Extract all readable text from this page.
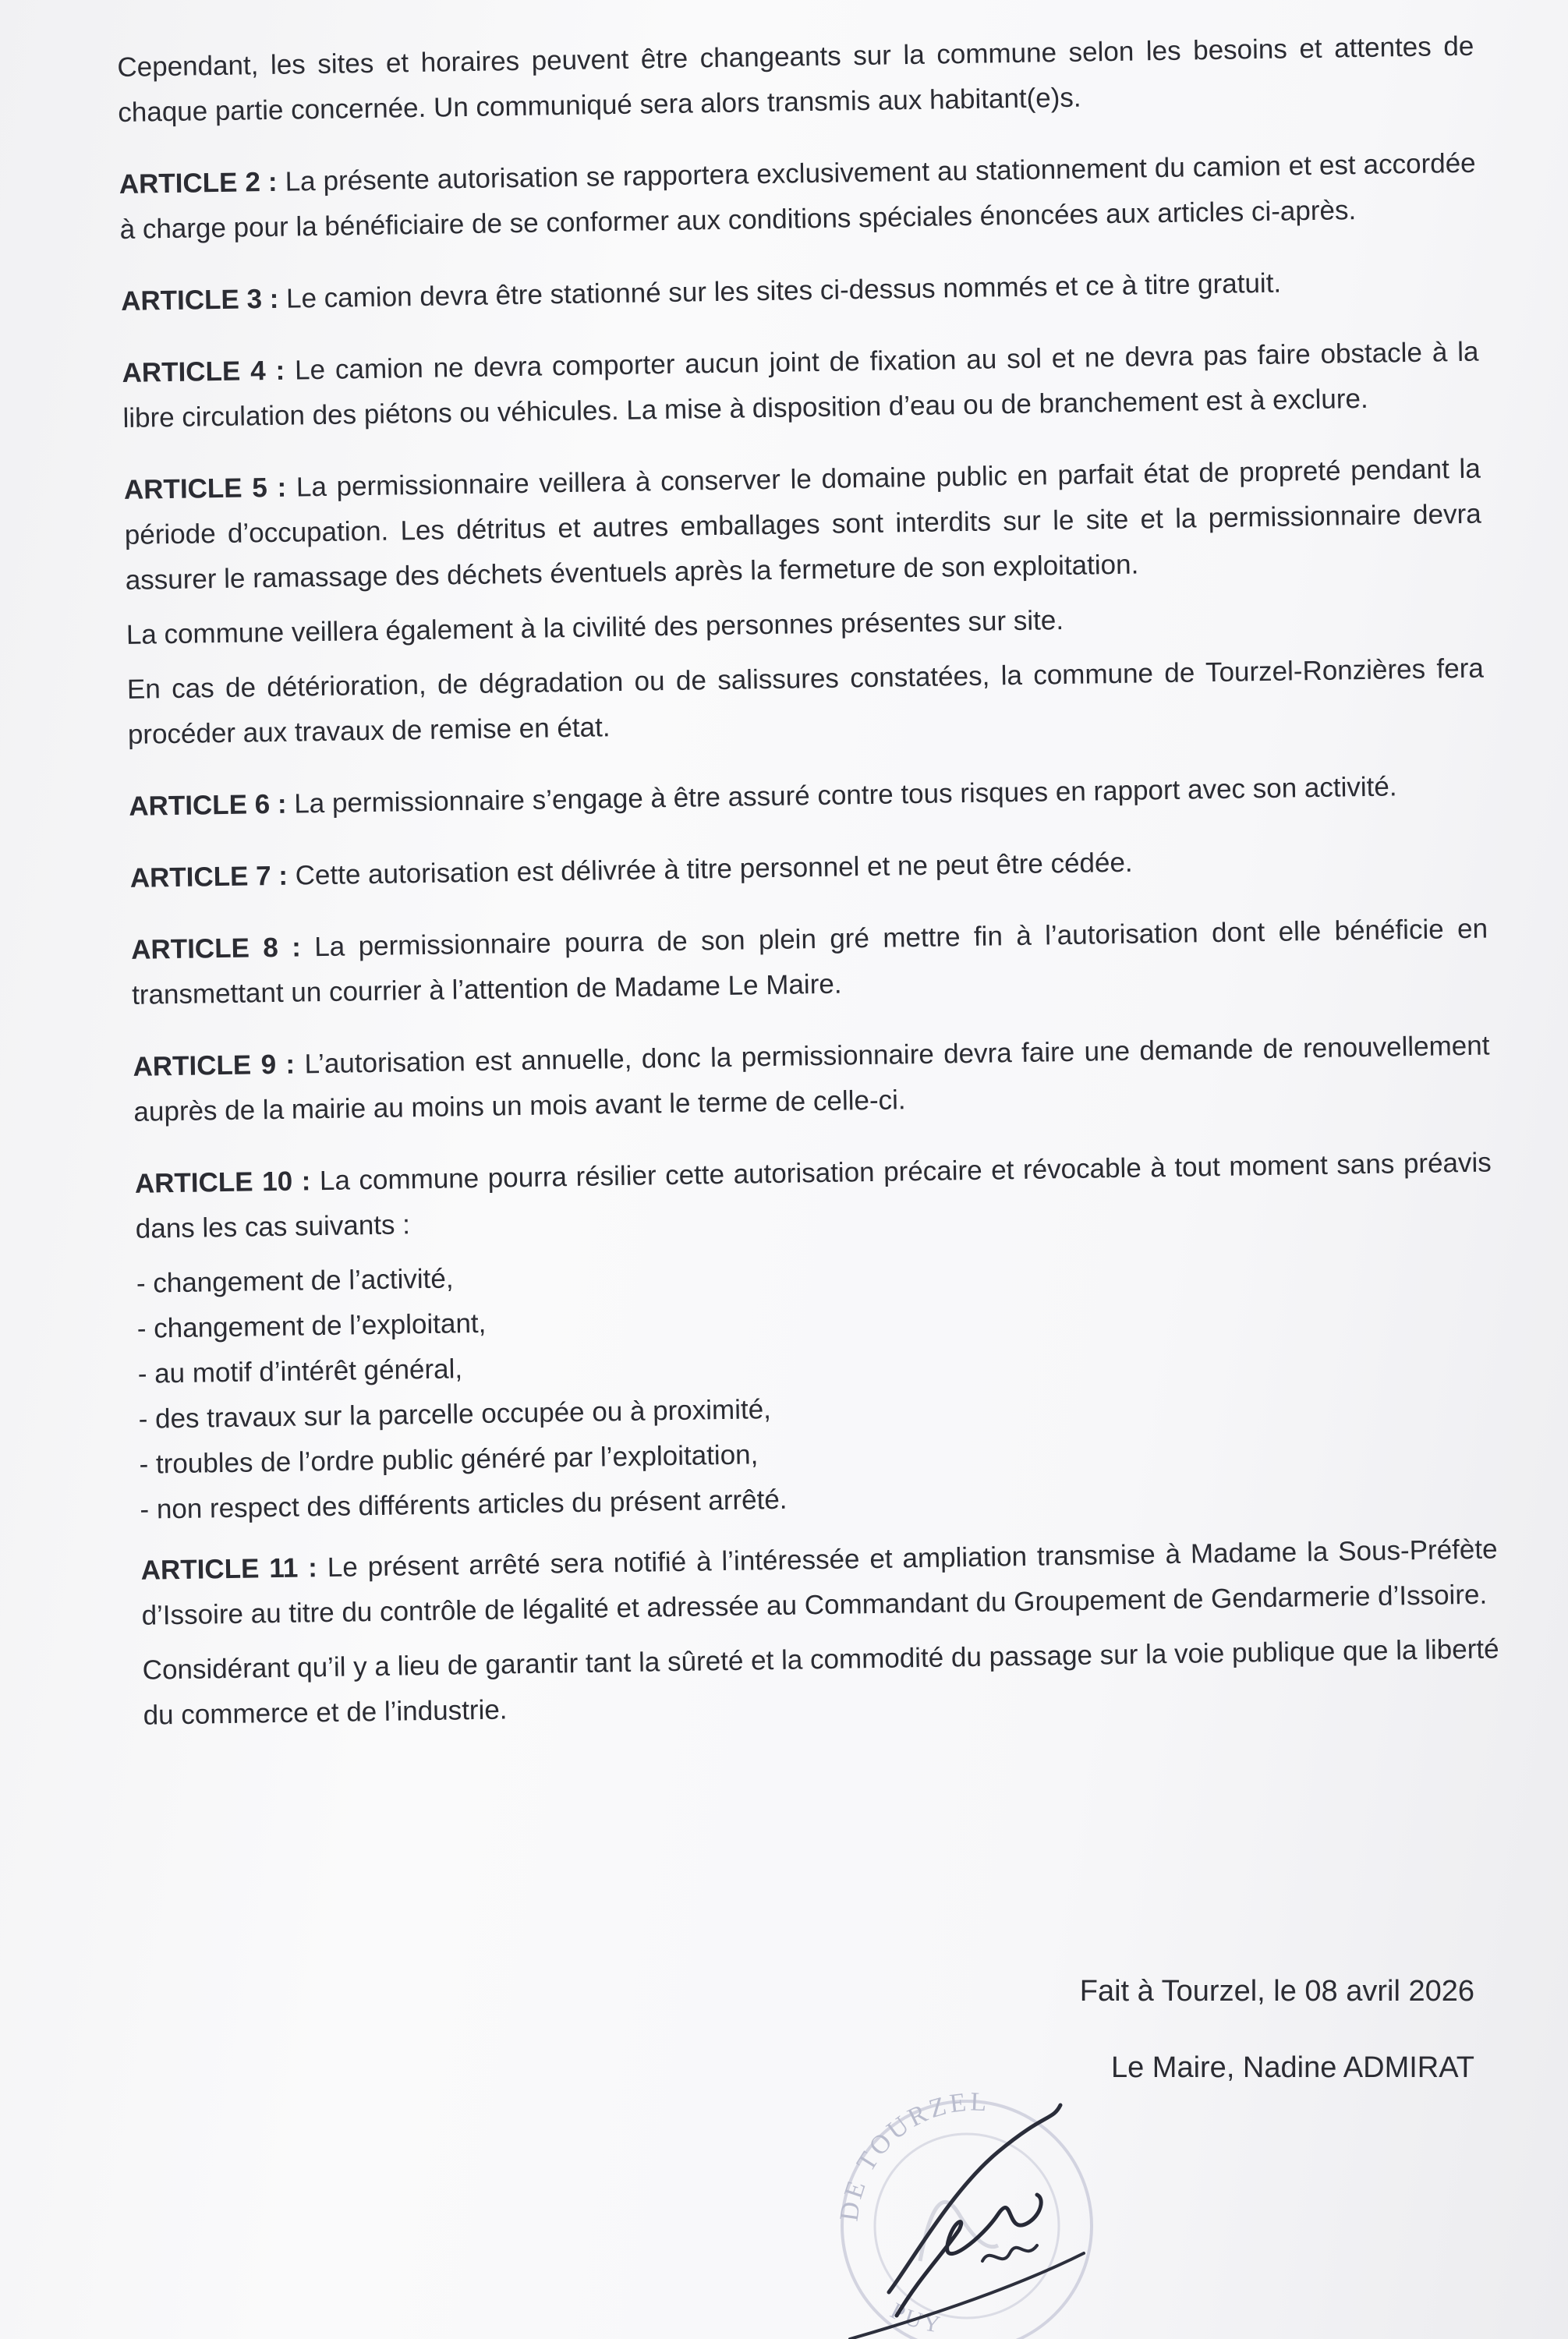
Cependant, les sites et horaires peuvent être changeants sur la commune selon les besoins et attentes de chaque partie concernée. Un communiqué sera alors transmis aux habitant(e)s.

ARTICLE 2 : La présente autorisation se rapportera exclusivement au stationnement du camion et est accordée à charge pour la bénéficiaire de se conformer aux conditions spéciales énoncées aux articles ci-après.

ARTICLE 3 : Le camion devra être stationné sur les sites ci-dessus nommés et ce à titre gratuit.

ARTICLE 4 : Le camion ne devra comporter aucun joint de fixation au sol et ne devra pas faire obstacle à la libre circulation des piétons ou véhicules. La mise à disposition d’eau ou de branchement est à exclure.

ARTICLE 5 : La permissionnaire veillera à conserver le domaine public en parfait état de propreté pendant la période d’occupation. Les détritus et autres emballages sont interdits sur le site et la permissionnaire devra assurer le ramassage des déchets éventuels après la fermeture de son exploitation.

La commune veillera également à la civilité des personnes présentes sur site.

En cas de détérioration, de dégradation ou de salissures constatées, la commune de Tourzel-Ronzières fera procéder aux travaux de remise en état.

ARTICLE 6 : La permissionnaire s’engage à être assuré contre tous risques en rapport avec son activité.

ARTICLE 7 : Cette autorisation est délivrée à titre personnel et ne peut être cédée.

ARTICLE 8 : La permissionnaire pourra de son plein gré mettre fin à l’autorisation dont elle bénéficie en transmettant un courrier à l’attention de Madame Le Maire.

ARTICLE 9 : L’autorisation est annuelle, donc la permissionnaire devra faire une demande de renouvellement auprès de la mairie au moins un mois avant le terme de celle-ci.

ARTICLE 10 : La commune pourra résilier cette autorisation précaire et révocable à tout moment sans préavis dans les cas suivants :

- changement de l’activité,
- changement de l’exploitant,
- au motif d’intérêt général,
- des travaux sur la parcelle occupée ou à proximité,
- troubles de l’ordre public généré par l’exploitation,
- non respect des différents articles du présent arrêté.

ARTICLE 11 : Le présent arrêté sera notifié à l’intéressée et ampliation transmise à Madame la Sous-Préfète d’Issoire au titre du contrôle de légalité et adressée au Commandant du Groupement de Gendarmerie d’Issoire.

Considérant qu’il y a lieu de garantir tant la sûreté et la commodité du passage sur la voie publique que la liberté du commerce et de l’industrie.

Fait à Tourzel, le 08 avril 2026
Le Maire, Nadine ADMIRAT
DE TOURZEL
PUY
